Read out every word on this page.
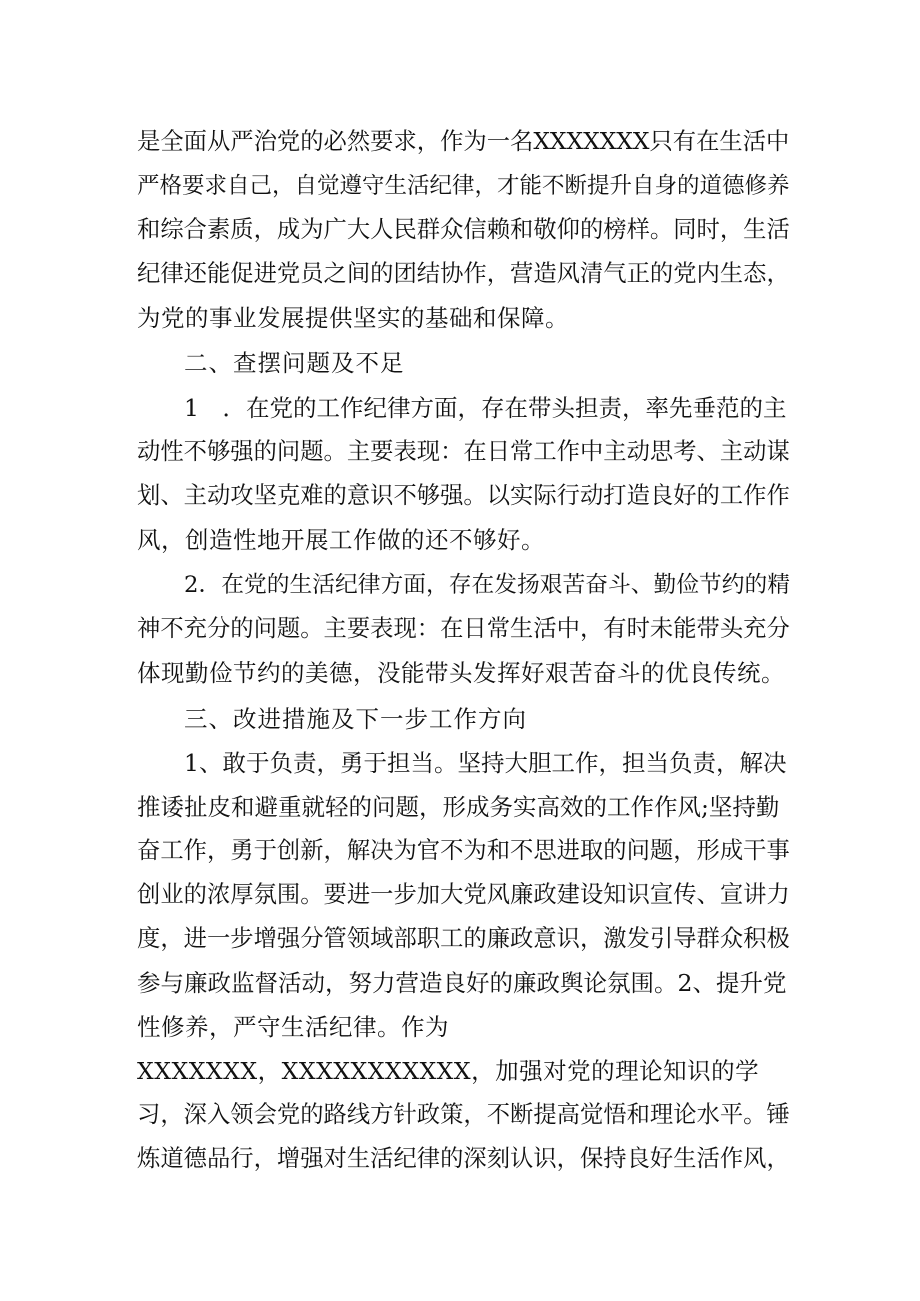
是全面从严治党的必然要求，作为一名XXXXXXX只有在生活中
严格要求自己，自觉遵守生活纪律，才能不断提升自身的道德修养
和综合素质，成为广大人民群众信赖和敬仰的榜样。同时，生活
纪律还能促进党员之间的团结协作，营造风清气正的党内生态，
为党的事业发展提供坚实的基础和保障。
二、查摆问题及不足
1　．在党的工作纪律方面，存在带头担责，率先垂范的主
动性不够强的问题。主要表现：在日常工作中主动思考、主动谋
划、主动攻坚克难的意识不够强。以实际行动打造良好的工作作
风，创造性地开展工作做的还不够好。
2．在党的生活纪律方面，存在发扬艰苦奋斗、勤俭节约的精
神不充分的问题。主要表现：在日常生活中，有时未能带头充分
体现勤俭节约的美德，没能带头发挥好艰苦奋斗的优良传统。
三、改进措施及下一步工作方向
1、敢于负责，勇于担当。坚持大胆工作，担当负责，解决
推诿扯皮和避重就轻的问题，形成务实高效的工作作风;坚持勤
奋工作，勇于创新，解决为官不为和不思进取的问题，形成干事
创业的浓厚氛围。要进一步加大党风廉政建设知识宣传、宣讲力
度，进一步增强分管领域部职工的廉政意识，激发引导群众积极
参与廉政监督活动，努力营造良好的廉政舆论氛围。2、提升党
性修养，严守生活纪律。作为
XXXXXXX，XXXXXXXXXXX，加强对党的理论知识的学
习，深入领会党的路线方针政策，不断提高觉悟和理论水平。锤
炼道德品行，增强对生活纪律的深刻认识，保持良好生活作风，
